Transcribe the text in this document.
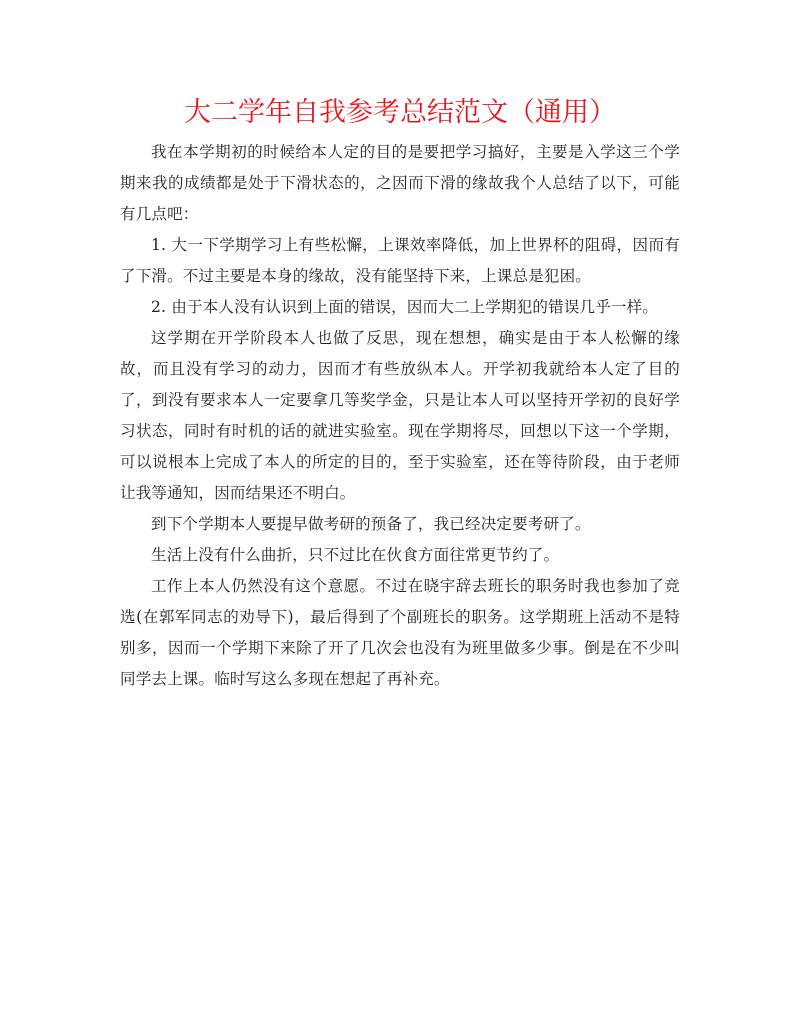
大二学年自我参考总结范文（通用）

我在本学期初的时候给本人定的目的是要把学习搞好，主要是入学这三个学期来我的成绩都是处于下滑状态的，之因而下滑的缘故我个人总结了以下，可能有几点吧：

1. 大一下学期学习上有些松懈，上课效率降低，加上世界杯的阻碍，因而有了下滑。不过主要是本身的缘故，没有能坚持下来，上课总是犯困。

2. 由于本人没有认识到上面的错误，因而大二上学期犯的错误几乎一样。

这学期在开学阶段本人也做了反思，现在想想，确实是由于本人松懈的缘故，而且没有学习的动力，因而才有些放纵本人。开学初我就给本人定了目的了，到没有要求本人一定要拿几等奖学金，只是让本人可以坚持开学初的良好学习状态，同时有时机的话的就进实验室。现在学期将尽，回想以下这一个学期，可以说根本上完成了本人的所定的目的，至于实验室，还在等待阶段，由于老师让我等通知，因而结果还不明白。

到下个学期本人要提早做考研的预备了，我已经决定要考研了。

生活上没有什么曲折，只不过比在伙食方面往常更节约了。

工作上本人仍然没有这个意愿。不过在晓宇辞去班长的职务时我也参加了竞选(在郭军同志的劝导下)，最后得到了个副班长的职务。这学期班上活动不是特别多，因而一个学期下来除了开了几次会也没有为班里做多少事。倒是在不少叫同学去上课。临时写这么多现在想起了再补充。
